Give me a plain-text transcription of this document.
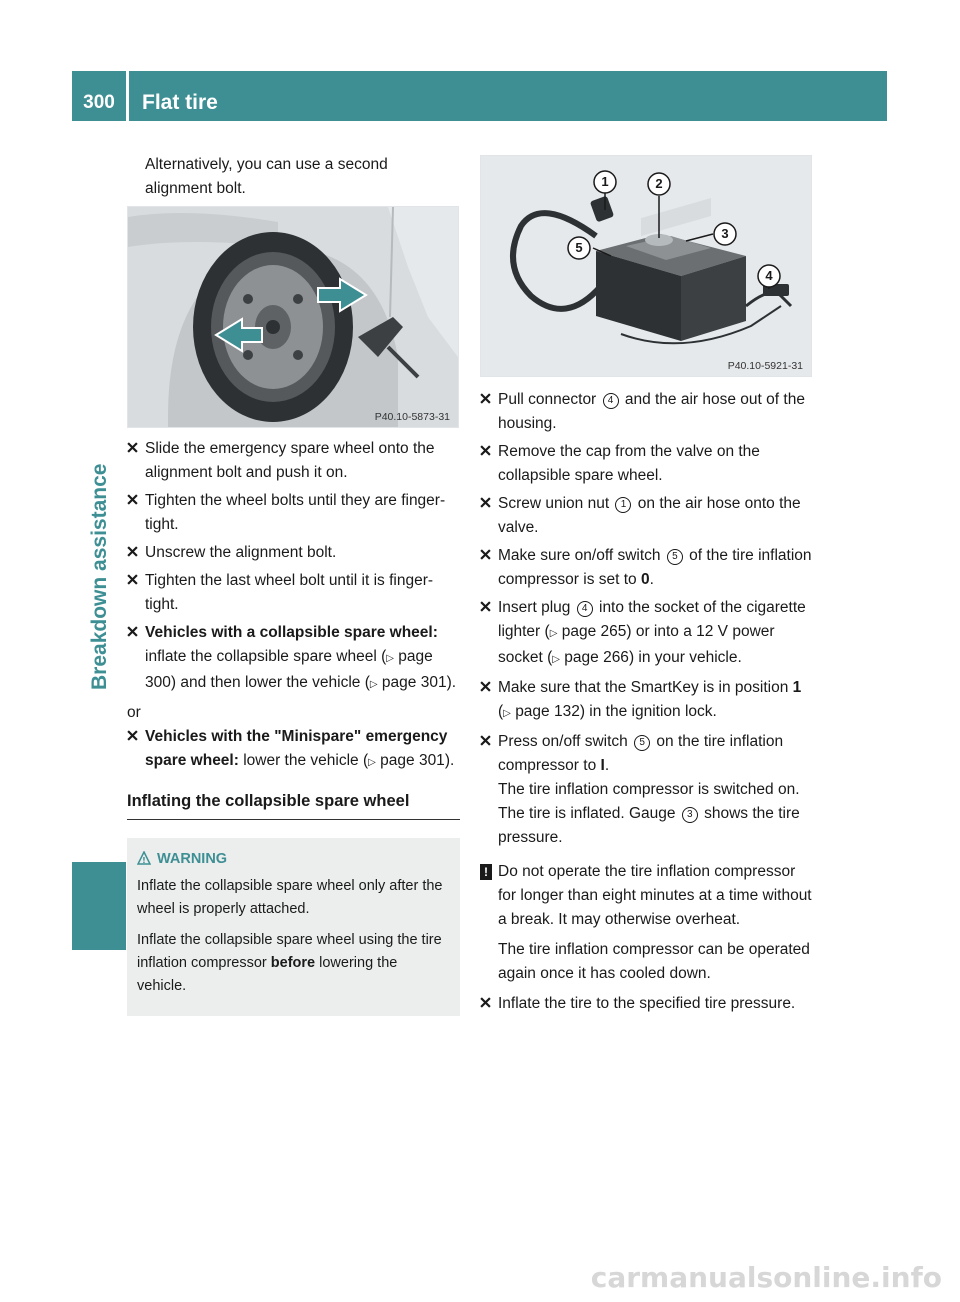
300	Flat tire
Breakdown assistance

Alternatively, you can use a second alignment bolt.

P40.10-5873-31

Slide the emergency spare wheel onto the alignment bolt and push it on.

Tighten the wheel bolts until they are finger-tight.

Unscrew the alignment bolt.

Tighten the last wheel bolt until it is finger-tight.

Vehicles with a collapsible spare wheel: inflate the collapsible spare wheel (▷ page 300) and then lower the vehicle (▷ page 301).

or

Vehicles with the "Minispare" emergency spare wheel: lower the vehicle (▷ page 301).

Inflating the collapsible spare wheel
! WARNING

Inflate the collapsible spare wheel only after the wheel is properly attached.

Inflate the collapsible spare wheel using the tire inflation compressor before lowering the vehicle.

1	2
3
4
5
P40.10-5921-31

Pull connector 4 and the air hose out of the housing.

Remove the cap from the valve on the collapsible spare wheel.

Screw union nut 1 on the air hose onto the valve.

Make sure on/off switch 5 of the tire inflation compressor is set to 0.

Insert plug 4 into the socket of the cigarette lighter (▷ page 265) or into a 12 V power socket (▷ page 266) in your vehicle.

Make sure that the SmartKey is in position 1 (▷ page 132) in the ignition lock.

Press on/off switch 5 on the tire inflation compressor to I.
The tire inflation compressor is switched on. The tire is inflated. Gauge 3 shows the tire pressure.

! Do not operate the tire inflation compressor for longer than eight minutes at a time without a break. It may otherwise overheat.

The tire inflation compressor can be operated again once it has cooled down.

Inflate the tire to the specified tire pressure.

carmanualsonline.info
